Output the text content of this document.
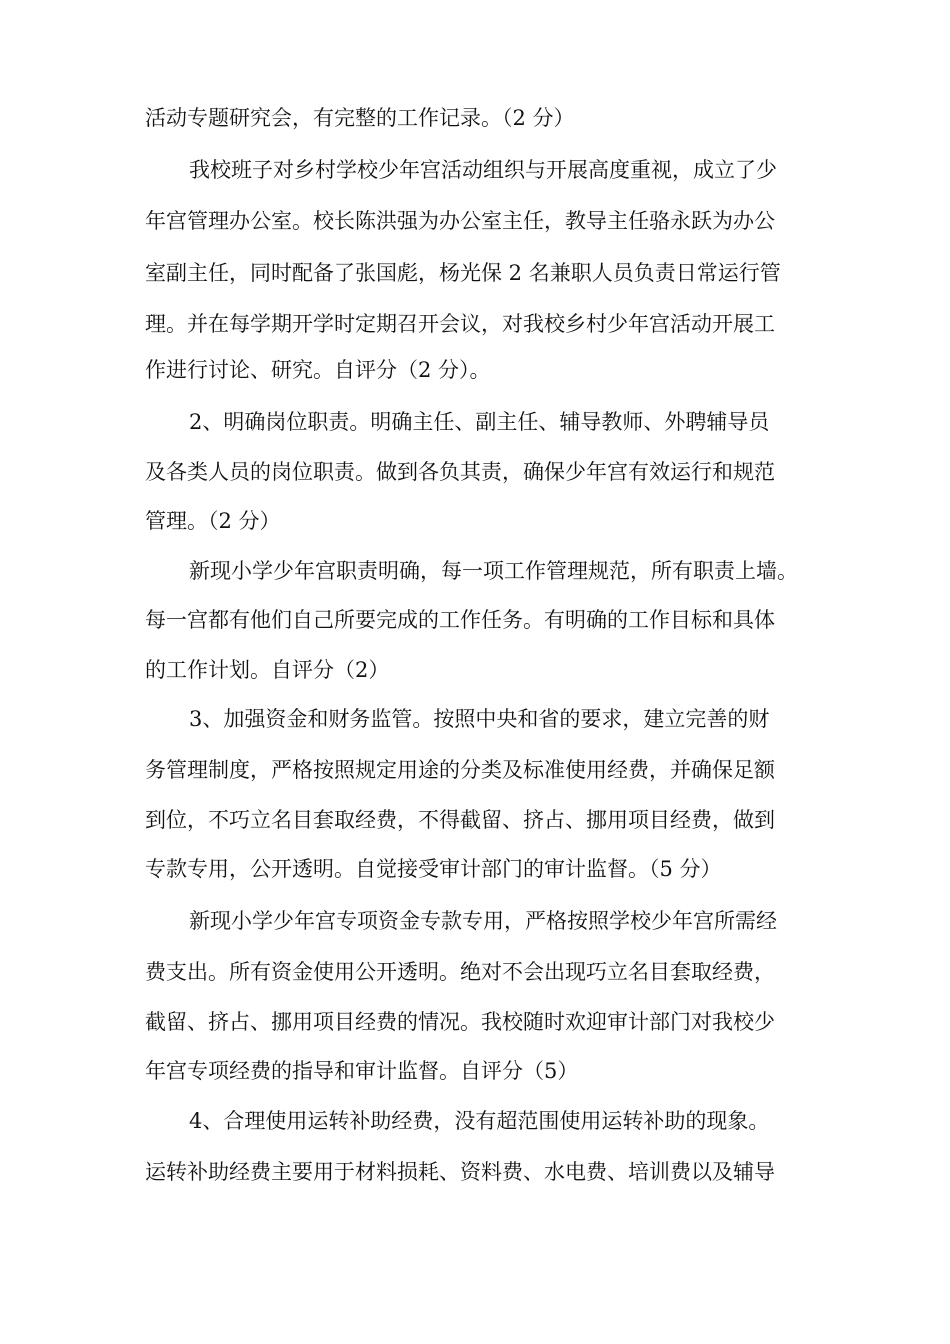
活动专题研究会，有完整的工作记录。（2 分）
我校班子对乡村学校少年宫活动组织与开展高度重视，成立了少
年宫管理办公室。校长陈洪强为办公室主任，教导主任骆永跃为办公
室副主任，同时配备了张国彪，杨光保 2 名兼职人员负责日常运行管
理。并在每学期开学时定期召开会议，对我校乡村少年宫活动开展工
作进行讨论、研究。自评分（2 分）。
2、明确岗位职责。明确主任、副主任、辅导教师、外聘辅导员
及各类人员的岗位职责。做到各负其责，确保少年宫有效运行和规范
管理。（2 分）
新现小学少年宫职责明确，每一项工作管理规范，所有职责上墙。
每一宫都有他们自己所要完成的工作任务。有明确的工作目标和具体
的工作计划。自评分（2）
3、加强资金和财务监管。按照中央和省的要求，建立完善的财
务管理制度，严格按照规定用途的分类及标准使用经费，并确保足额
到位，不巧立名目套取经费，不得截留、挤占、挪用项目经费，做到
专款专用，公开透明。自觉接受审计部门的审计监督。（5 分）
新现小学少年宫专项资金专款专用，严格按照学校少年宫所需经
费支出。所有资金使用公开透明。绝对不会出现巧立名目套取经费，
截留、挤占、挪用项目经费的情况。我校随时欢迎审计部门对我校少
年宫专项经费的指导和审计监督。自评分（5）
4、合理使用运转补助经费，没有超范围使用运转补助的现象。
运转补助经费主要用于材料损耗、资料费、水电费、培训费以及辅导
